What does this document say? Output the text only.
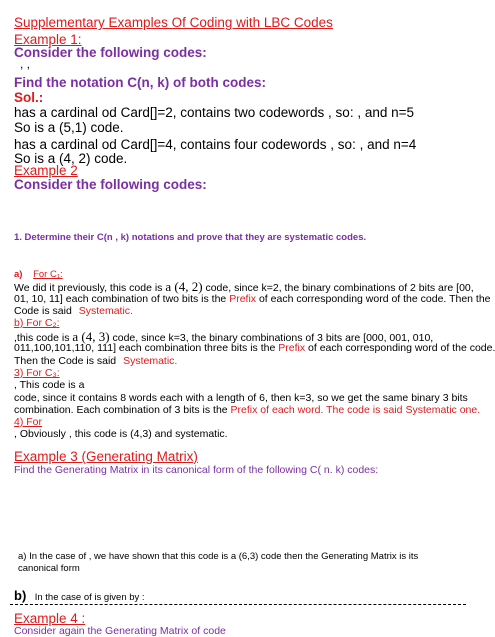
Supplementary Examples Of Coding with LBC Codes
Example 1:
Consider the following codes:
, ,
Find the notation C(n, k) of both codes:
Sol.:
has a cardinal od Card[]=2, contains two codewords , so: , and n=5
So is a (5,1) code.
has a cardinal od Card[]=4, contains four codewords , so: , and n=4
So is a (4, 2) code.
Example 2
Consider the following codes:
1. Determine their C(n , k) notations and prove that they are systematic codes.
a) For C₁:
We did it previously, this code is a (4, 2) code, since k=2, the binary combinations of 2 bits are [00,
01, 10, 11] each combination of two bits is the Prefix of each corresponding word of the code. Then the
Code is said Systematic.
b) For C₂:
,this code is a (4, 3) code, since k=3, the binary combinations of 3 bits are [000, 001, 010,
011,100,101,110, 111] each combination three bits is the Prefix of each corresponding word of the code.
Then the Code is said Systematic.
3) For C₃:
, This code is a
code, since it contains 8 words each with a length of 6, then k=3, so we get the same binary 3 bits
combination. Each combination of 3 bits is the Prefix of each word. The code is said Systematic one.
4) For
, Obviously , this code is (4,3) and systematic.
Example 3 (Generating Matrix)
Find the Generating Matrix in its canonical form of the following C( n. k) codes:
a) In the case of , we have shown that this code is a (6,3) code then the Generating Matrix is its
canonical form
b) In the case of is given by :
Example 4 :
Consider again the Generating Matrix of code
